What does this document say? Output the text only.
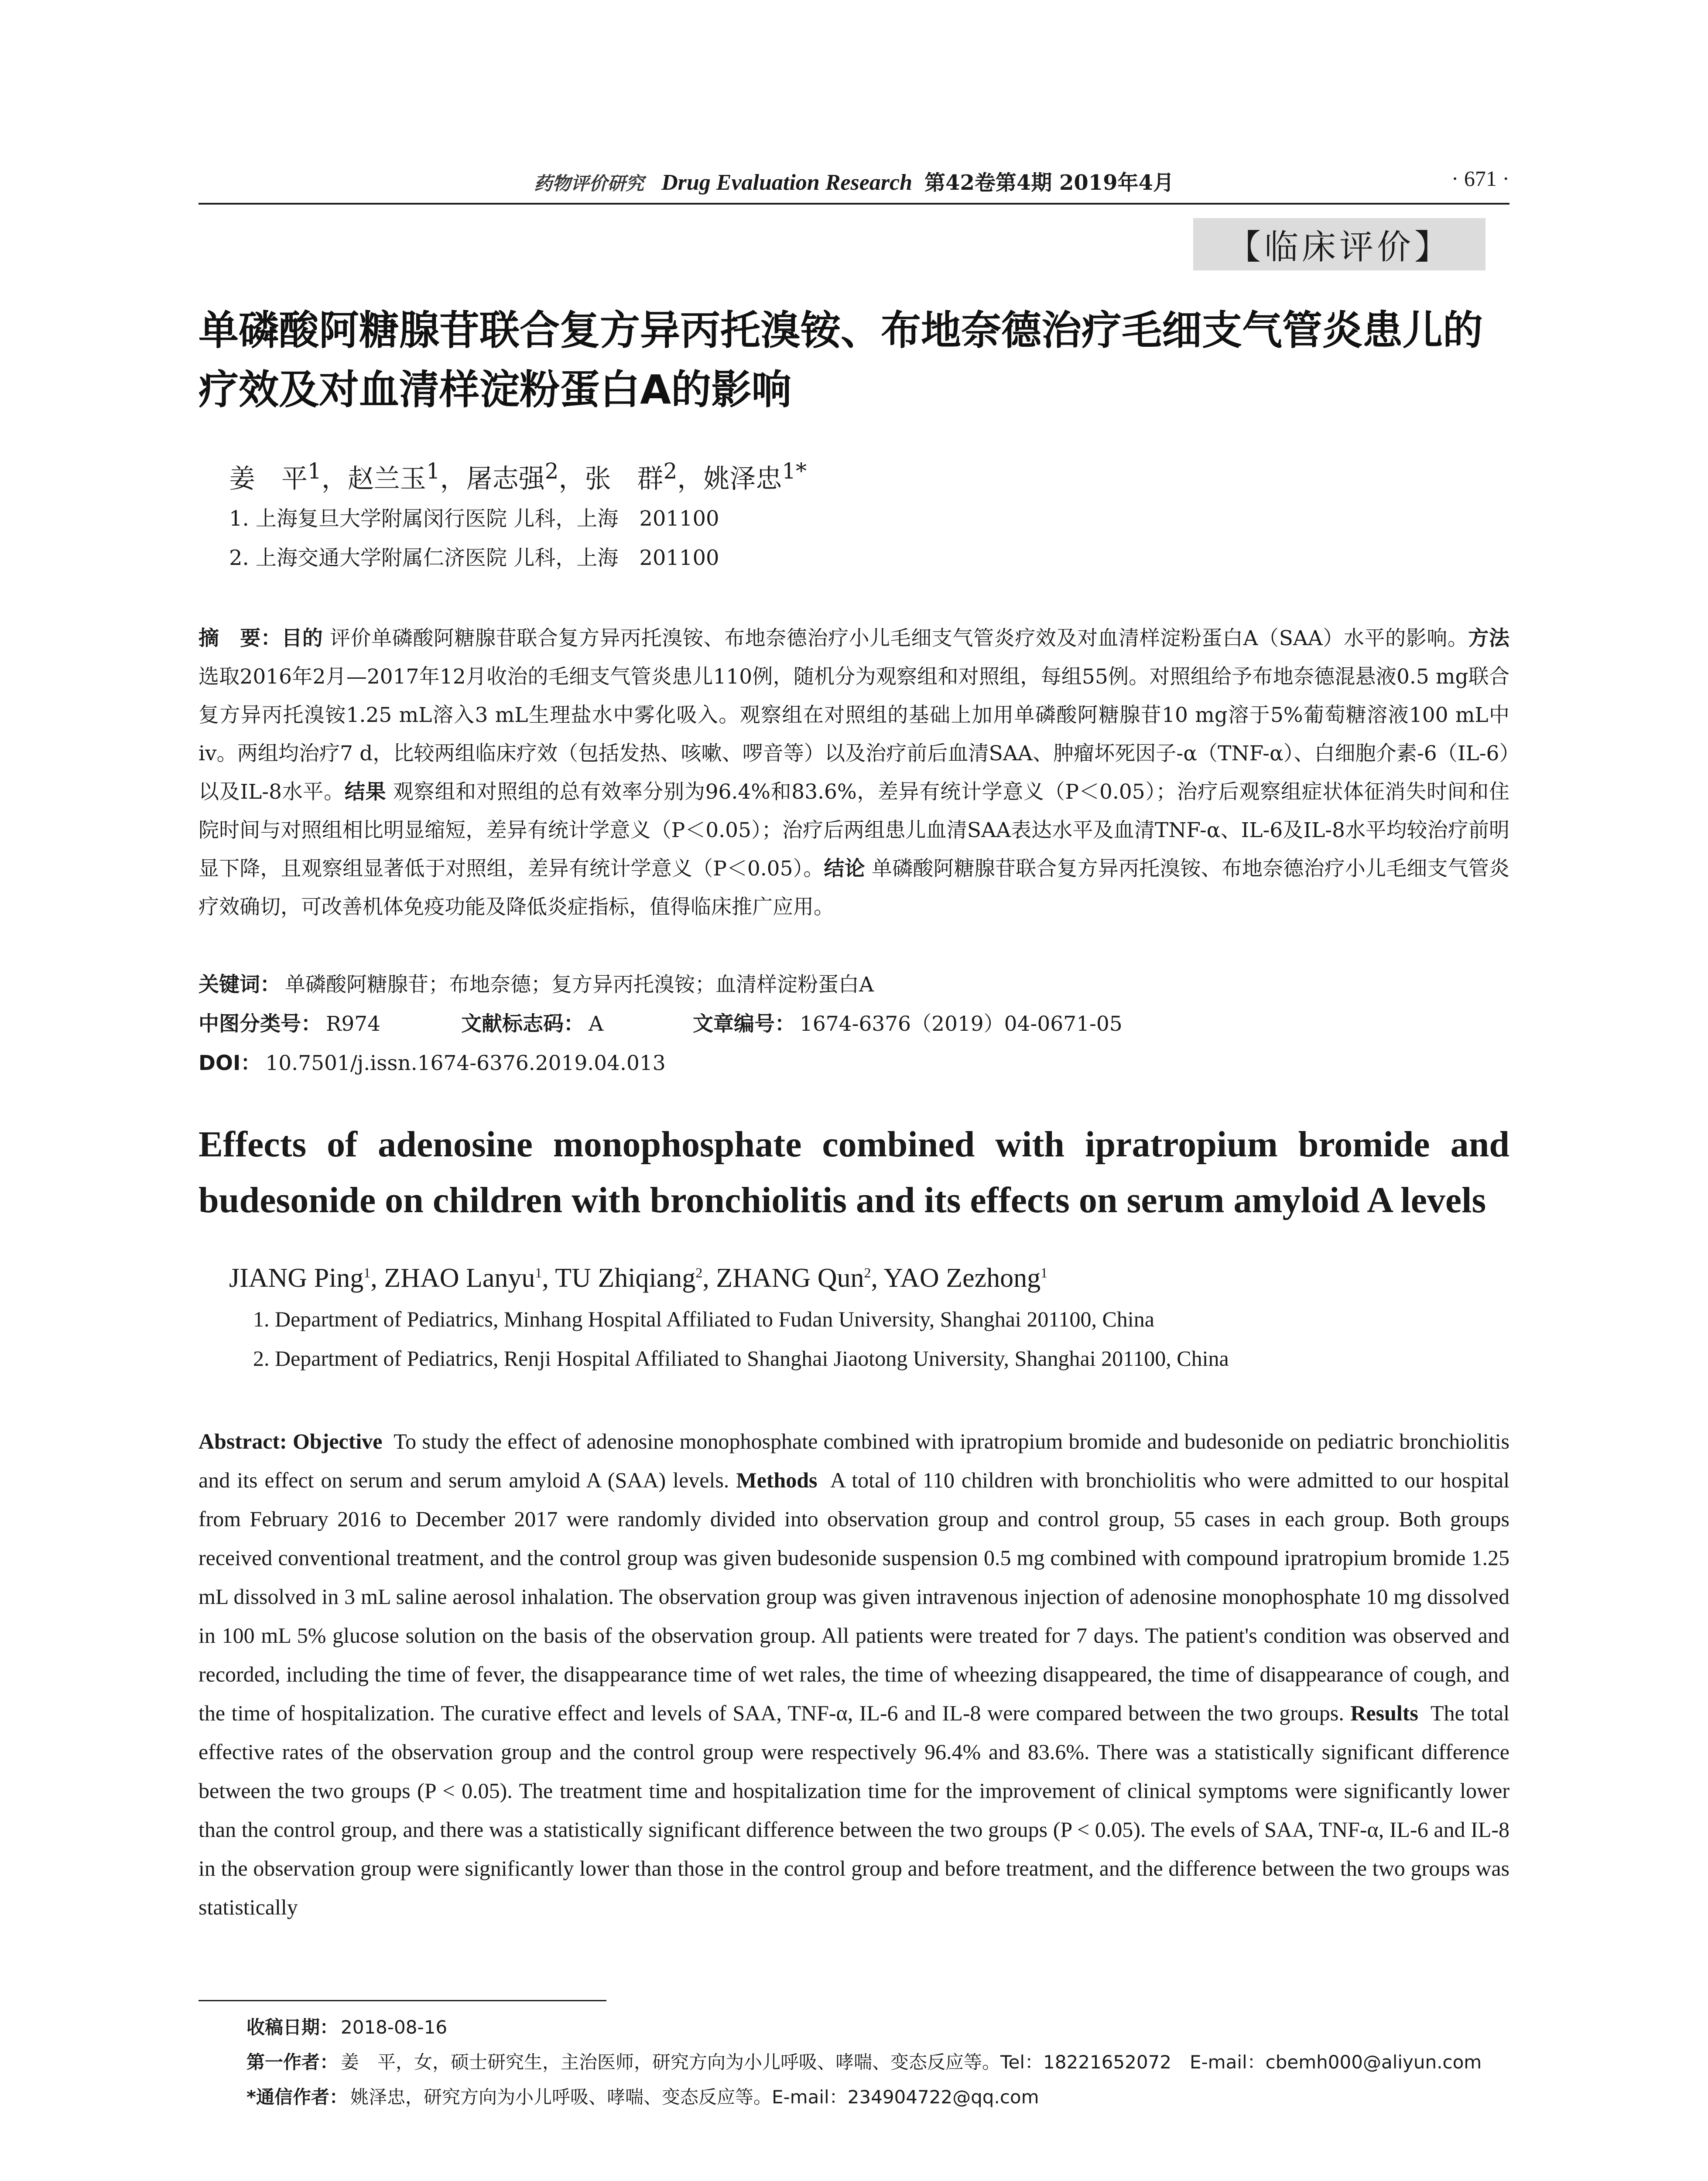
药物评价研究 Drug Evaluation Research 第42卷第4期 2019年4月	· 671 ·
【临床评价】
单磷酸阿糖腺苷联合复方异丙托溴铵、布地奈德治疗毛细支气管炎患儿的疗效及对血清样淀粉蛋白A的影响
姜　平$^1$，赵兰玉$^1$，屠志强$^2$，张　群$^2$，姚泽忠$^{1*}$
1. 上海复旦大学附属闵行医院 儿科，上海　201100
2. 上海交通大学附属仁济医院 儿科，上海　201100
摘　要：目的 评价单磷酸阿糖腺苷联合复方异丙托溴铵、布地奈德治疗小儿毛细支气管炎疗效及对血清样淀粉蛋白A（SAA）水平的影响。方法 选取2016年2月—2017年12月收治的毛细支气管炎患儿110例，随机分为观察组和对照组，每组55例。对照组给予布地奈德混悬液0.5 mg联合复方异丙托溴铵1.25 mL溶入3 mL生理盐水中雾化吸入。观察组在对照组的基础上加用单磷酸阿糖腺苷10 mg溶于5%葡萄糖溶液100 mL中iv。两组均治疗7 d，比较两组临床疗效（包括发热、咳嗽、啰音等）以及治疗前后血清SAA、肿瘤坏死因子-α（TNF-α）、白细胞介素-6（IL-6）以及IL-8水平。结果 观察组和对照组的总有效率分别为96.4%和83.6%，差异有统计学意义（P＜0.05）；治疗后观察组症状体征消失时间和住院时间与对照组相比明显缩短，差异有统计学意义（P＜0.05）；治疗后两组患儿血清SAA表达水平及血清TNF-α、IL-6及IL-8水平均较治疗前明显下降，且观察组显著低于对照组，差异有统计学意义（P＜0.05）。结论 单磷酸阿糖腺苷联合复方异丙托溴铵、布地奈德治疗小儿毛细支气管炎疗效确切，可改善机体免疫功能及降低炎症指标，值得临床推广应用。
关键词： 单磷酸阿糖腺苷；布地奈德；复方异丙托溴铵；血清样淀粉蛋白A
中图分类号： R974	文献标志码： A	文章编号： 1674-6376（2019）04-0671-05
DOI： 10.7501/j.issn.1674-6376.2019.04.013
Effects of adenosine monophosphate combined with ipratropium bromide and budesonide on children with bronchiolitis and its effects on serum amyloid A levels
JIANG Ping$^1$, ZHAO Lanyu$^1$, TU Zhiqiang$^2$, ZHANG Qun$^2$, YAO Zezhong$^1$
1. Department of Pediatrics, Minhang Hospital Affiliated to Fudan University, Shanghai 201100, China
2. Department of Pediatrics, Renji Hospital Affiliated to Shanghai Jiaotong University, Shanghai 201100, China
Abstract: Objective To study the effect of adenosine monophosphate combined with ipratropium bromide and budesonide on pediatric bronchiolitis and its effect on serum and serum amyloid A (SAA) levels. Methods A total of 110 children with bronchiolitis who were admitted to our hospital from February 2016 to December 2017 were randomly divided into observation group and control group, 55 cases in each group. Both groups received conventional treatment, and the control group was given budesonide suspension 0.5 mg combined with compound ipratropium bromide 1.25 mL dissolved in 3 mL saline aerosol inhalation. The observation group was given intravenous injection of adenosine monophosphate 10 mg dissolved in 100 mL 5% glucose solution on the basis of the observation group. All patients were treated for 7 days. The patient's condition was observed and recorded, including the time of fever, the disappearance time of wet rales, the time of wheezing disappeared, the time of disappearance of cough, and the time of hospitalization. The curative effect and levels of SAA, TNF-α, IL-6 and IL-8 were compared between the two groups. Results The total effective rates of the observation group and the control group were respectively 96.4% and 83.6%. There was a statistically significant difference between the two groups (P < 0.05). The treatment time and hospitalization time for the improvement of clinical symptoms were significantly lower than the control group, and there was a statistically significant difference between the two groups (P < 0.05). The evels of SAA, TNF-α, IL-6 and IL-8 in the observation group were significantly lower than those in the control group and before treatment, and the difference between the two groups was statistically
收稿日期： 2018-08-16
第一作者： 姜　平，女，硕士研究生，主治医师，研究方向为小儿呼吸、哮喘、变态反应等。Tel：18221652072　E-mail：cbemh000@aliyun.com
*通信作者： 姚泽忠，研究方向为小儿呼吸、哮喘、变态反应等。E-mail：234904722@qq.com
